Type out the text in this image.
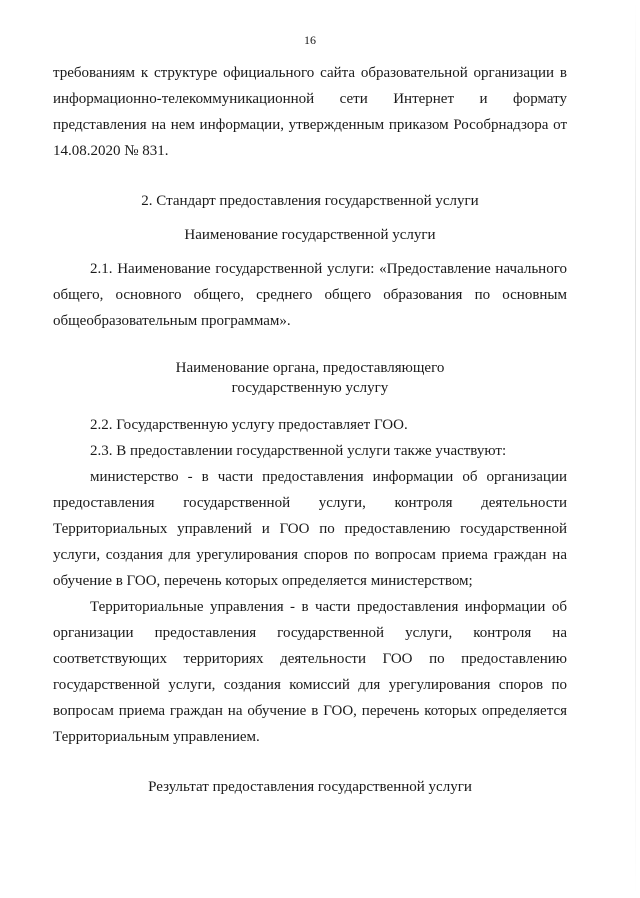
16

требованиям к структуре официального сайта образовательной организации в информационно-телекоммуникационной сети Интернет и формату представления на нем информации, утвержденным приказом Рособрнадзора от 14.08.2020 № 831.

2. Стандарт предоставления государственной услуги

Наименование государственной услуги

2.1. Наименование государственной услуги: «Предоставление начального общего, основного общего, среднего общего образования по основным общеобразовательным программам».

Наименование органа, предоставляющего

государственную услугу

2.2. Государственную услугу предоставляет ГОО.

2.3. В предоставлении государственной услуги также участвуют:

министерство - в части предоставления информации об организации предоставления государственной услуги, контроля деятельности Территориальных управлений и ГОО по предоставлению государственной услуги, создания для урегулирования споров по вопросам приема граждан на обучение в ГОО, перечень которых определяется министерством;

Территориальные управления - в части предоставления информации об организации предоставления государственной услуги, контроля на соответствующих территориях деятельности ГОО по предоставлению государственной услуги, создания комиссий для урегулирования споров по вопросам приема граждан на обучение в ГОО, перечень которых определяется Территориальным управлением.

Результат предоставления государственной услуги
